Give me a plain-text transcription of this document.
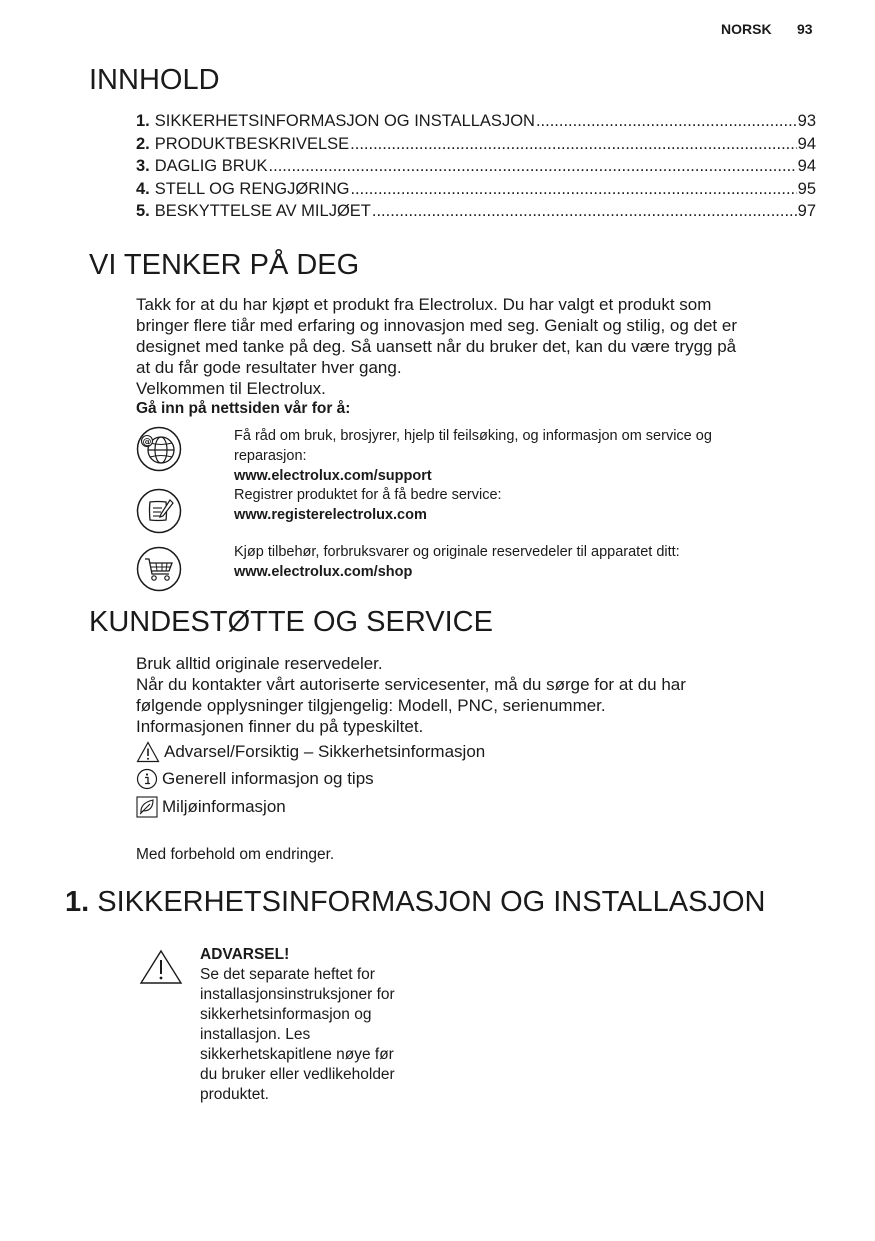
NORSK 93
INNHOLD
1. SIKKERHETSINFORMASJON OG INSTALLASJON .....	93
2. PRODUKTBESKRIVELSE .....	94
3. DAGLIG BRUK .....	94
4. STELL OG RENGJØRING .....	95
5. BESKYTTELSE AV MILJØET .....	97
VI TENKER PÅ DEG
Takk for at du har kjøpt et produkt fra Electrolux. Du har valgt et produkt som
bringer flere tiår med erfaring og innovasjon med seg. Genialt og stilig, og det er
designet med tanke på deg. Så uansett når du bruker det, kan du være trygg på
at du får gode resultater hver gang.
Velkommen til Electrolux.
Gå inn på nettsiden vår for å:
@	Få råd om bruk, brosjyrer, hjelp til feilsøking, og informasjon om service og
reparasjon:
www.electrolux.com/support
Registrer produktet for å få bedre service:
www.registerelectrolux.com
Kjøp tilbehør, forbruksvarer og originale reservedeler til apparatet ditt:
www.electrolux.com/shop
KUNDESTØTTE OG SERVICE
Bruk alltid originale reservedeler.
Når du kontakter vårt autoriserte servicesenter, må du sørge for at du har
følgende opplysninger tilgjengelig: Modell, PNC, serienummer.
Informasjonen finner du på typeskiltet.
Advarsel/Forsiktig – Sikkerhetsinformasjon
Generell informasjon og tips
Miljøinformasjon
Med forbehold om endringer.
1. SIKKERHETSINFORMASJON OG INSTALLASJON
ADVARSEL!
Se det separate heftet for
installasjonsinstruksjoner for
sikkerhetsinformasjon og
installasjon. Les
sikkerhetskapitlene nøye før
du bruker eller vedlikeholder
produktet.
